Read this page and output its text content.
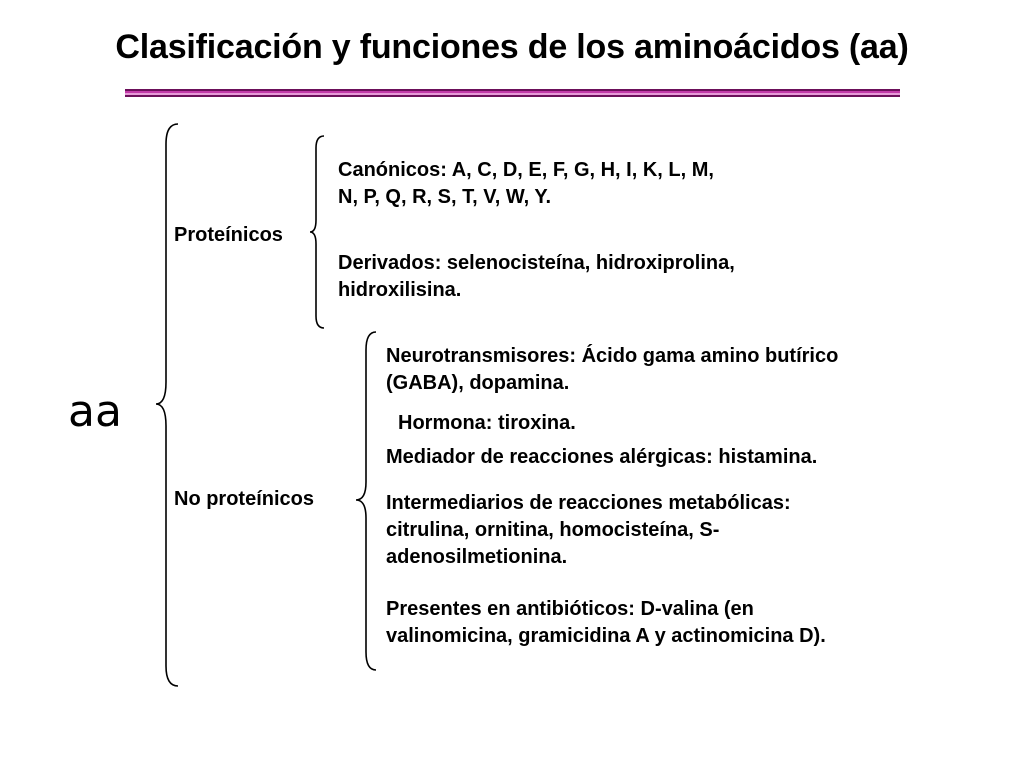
Clasificación y funciones de los aminoácidos (aa)
aa
Proteínicos
Canónicos: A, C, D, E, F, G, H, I, K, L, M,
N, P, Q, R, S, T, V, W, Y.
Derivados: selenocisteína, hidroxiprolina,
hidroxilisina.
No proteínicos
Neurotransmisores: Ácido gama amino butírico
(GABA), dopamina.
Hormona: tiroxina.
Mediador de reacciones alérgicas: histamina.
Intermediarios de reacciones metabólicas:
citrulina, ornitina, homocisteína, S-
adenosilmetionina.
Presentes en antibióticos: D-valina (en
valinomicina, gramicidina A y actinomicina D).
